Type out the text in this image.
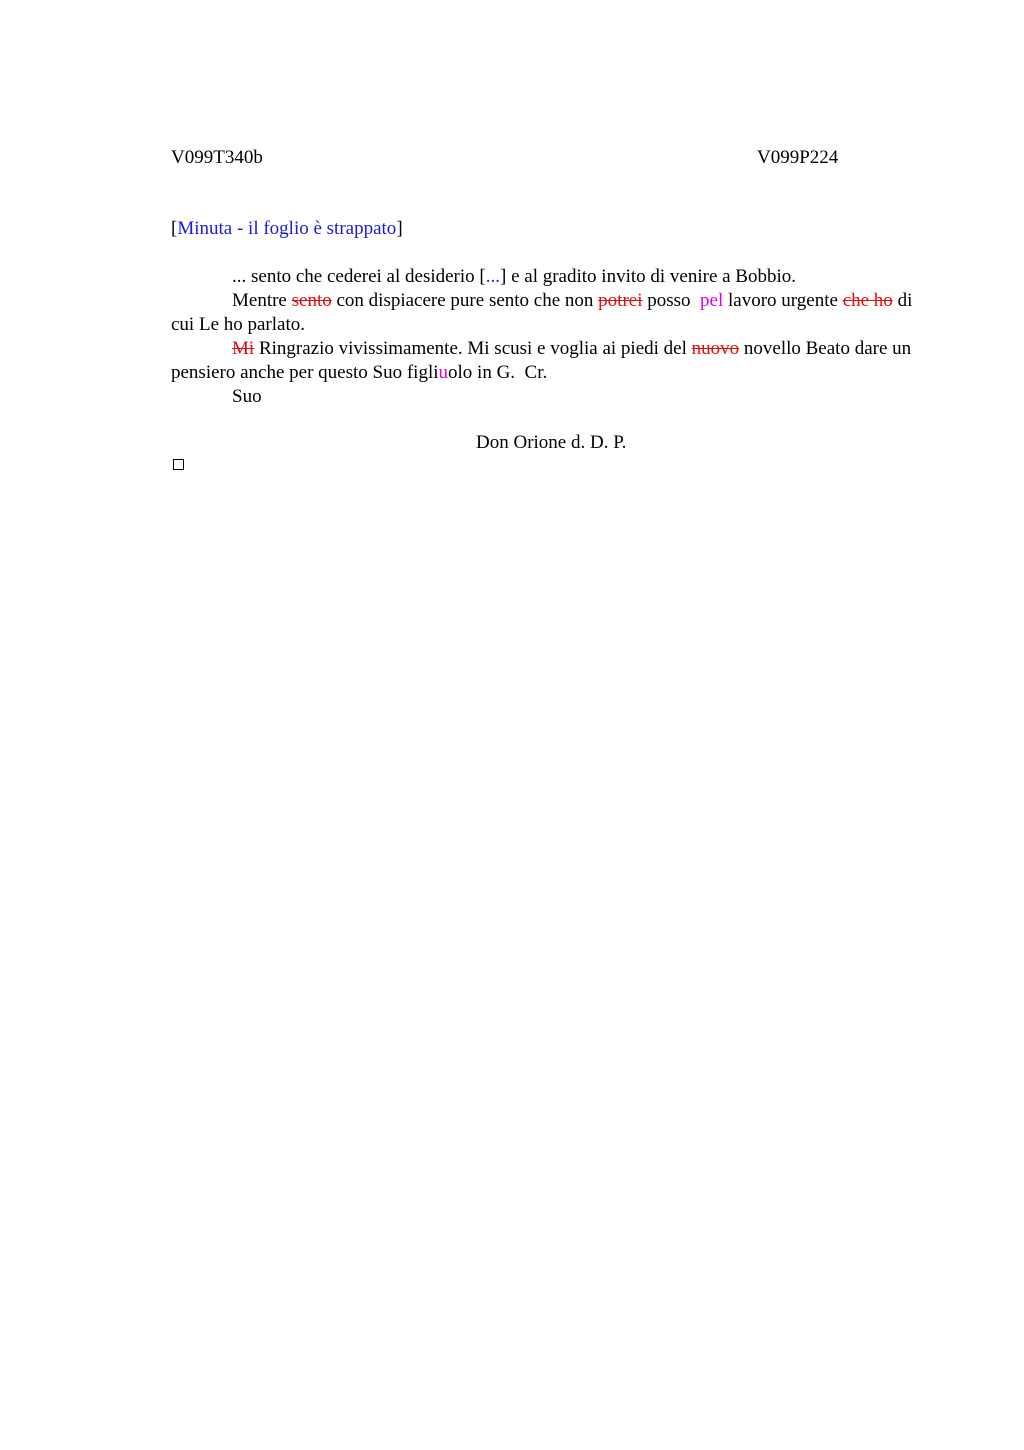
V099T340b	V099P224
[Minuta - il foglio è strappato]

... sento che cederei al desiderio [...] e al gradito invito di venire a Bobbio.

Mentre sento con dispiacere pure sento che non potrei posso  pel lavoro urgente che ho di cui Le ho parlato.

Mi Ringrazio vivissimamente. Mi scusi e voglia ai piedi del nuovo novello Beato dare un pensiero anche per questo Suo figliuolo in G.  Cr.

Suo

Don Orione d. D. P.
